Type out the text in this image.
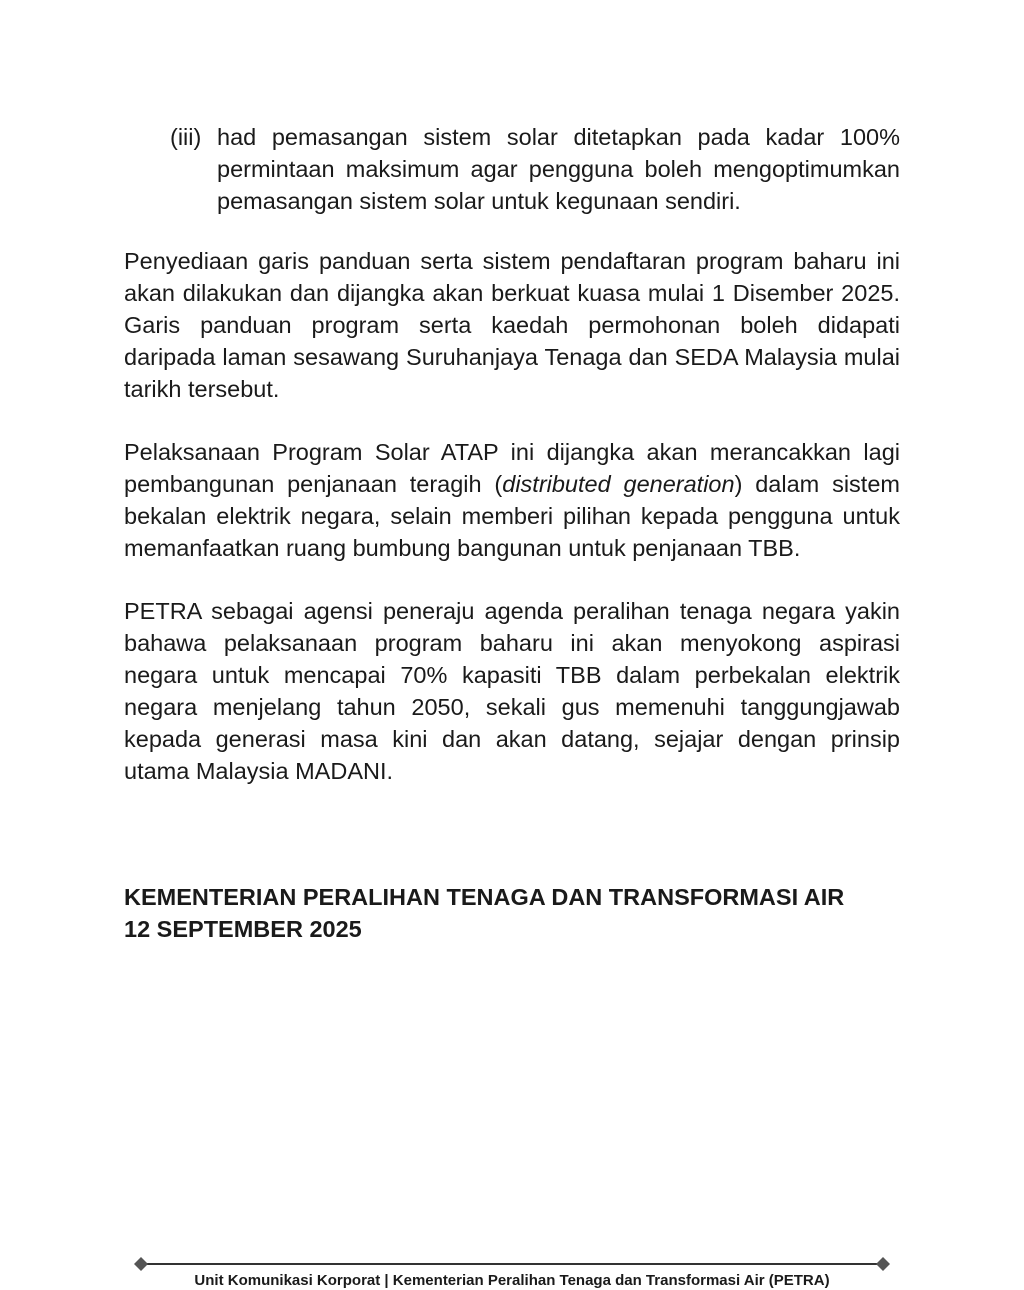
(iii) had pemasangan sistem solar ditetapkan pada kadar 100% permintaan maksimum agar pengguna boleh mengoptimumkan pemasangan sistem solar untuk kegunaan sendiri.

Penyediaan garis panduan serta sistem pendaftaran program baharu ini akan dilakukan dan dijangka akan berkuat kuasa mulai 1 Disember 2025. Garis panduan program serta kaedah permohonan boleh didapati daripada laman sesawang Suruhanjaya Tenaga dan SEDA Malaysia mulai tarikh tersebut.

Pelaksanaan Program Solar ATAP ini dijangka akan merancakkan lagi pembangunan penjanaan teragih (distributed generation) dalam sistem bekalan elektrik negara, selain memberi pilihan kepada pengguna untuk memanfaatkan ruang bumbung bangunan untuk penjanaan TBB.

PETRA sebagai agensi peneraju agenda peralihan tenaga negara yakin bahawa pelaksanaan program baharu ini akan menyokong aspirasi negara untuk mencapai 70% kapasiti TBB dalam perbekalan elektrik negara menjelang tahun 2050, sekali gus memenuhi tanggungjawab kepada generasi masa kini dan akan datang, sejajar dengan prinsip utama Malaysia MADANI.

KEMENTERIAN PERALIHAN TENAGA DAN TRANSFORMASI AIR
12 SEPTEMBER 2025
Unit Komunikasi Korporat | Kementerian Peralihan Tenaga dan Transformasi Air (PETRA)
